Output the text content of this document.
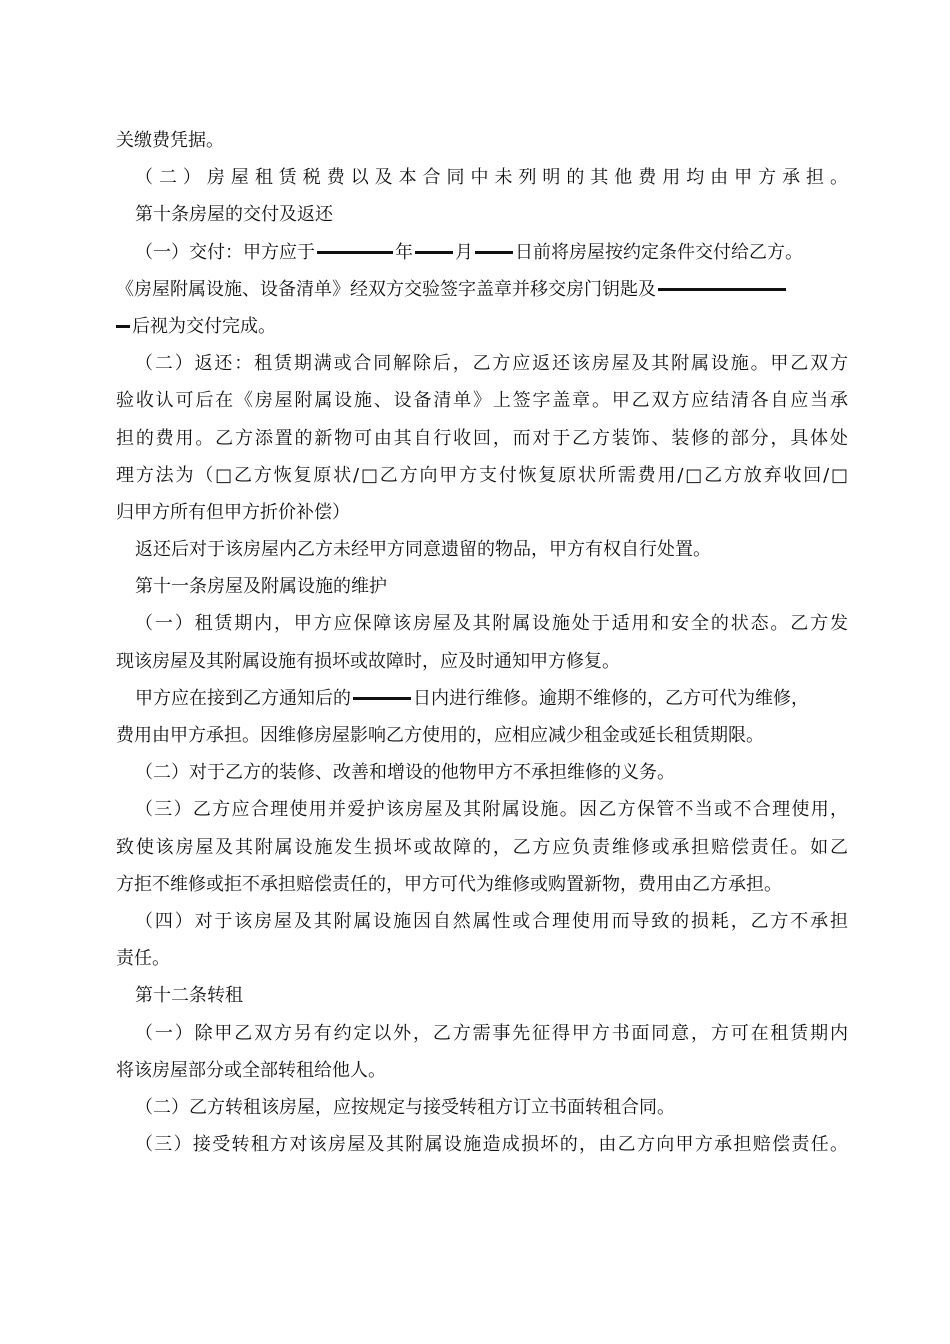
关缴费凭据。
（二）房屋租赁税费以及本合同中未列明的其他费用均由甲方承担。
第十条房屋的交付及返还
（一）交付：甲方应于	年 月 日前将房屋按约定条件交付给乙方。
《房屋附属设施、设备清单》经双方交验签字盖章并移交房门钥匙及
后视为交付完成。
（二）返还：租赁期满或合同解除后，乙方应返还该房屋及其附属设施。甲乙双方
验收认可后在《房屋附属设施、设备清单》上签字盖章。甲乙双方应结清各自应当承
担的费用。乙方添置的新物可由其自行收回，而对于乙方装饰、装修的部分，具体处
理方法为（□乙方恢复原状/□乙方向甲方支付恢复原状所需费用/□乙方放弃收回/□
归甲方所有但甲方折价补偿）
返还后对于该房屋内乙方未经甲方同意遗留的物品，甲方有权自行处置。
第十一条房屋及附属设施的维护
（一）租赁期内，甲方应保障该房屋及其附属设施处于适用和安全的状态。乙方发
现该房屋及其附属设施有损坏或故障时，应及时通知甲方修复。
甲方应在接到乙方通知后的	日内进行维修。逾期不维修的，乙方可代为维修，
费用由甲方承担。因维修房屋影响乙方使用的，应相应减少租金或延长租赁期限。
（二）对于乙方的装修、改善和增设的他物甲方不承担维修的义务。
（三）乙方应合理使用并爱护该房屋及其附属设施。因乙方保管不当或不合理使用，
致使该房屋及其附属设施发生损坏或故障的，乙方应负责维修或承担赔偿责任。如乙
方拒不维修或拒不承担赔偿责任的，甲方可代为维修或购置新物，费用由乙方承担。
（四）对于该房屋及其附属设施因自然属性或合理使用而导致的损耗，乙方不承担
责任。
第十二条转租
（一）除甲乙双方另有约定以外，乙方需事先征得甲方书面同意，方可在租赁期内
将该房屋部分或全部转租给他人。
（二）乙方转租该房屋，应按规定与接受转租方订立书面转租合同。
（三）接受转租方对该房屋及其附属设施造成损坏的，由乙方向甲方承担赔偿责任。
